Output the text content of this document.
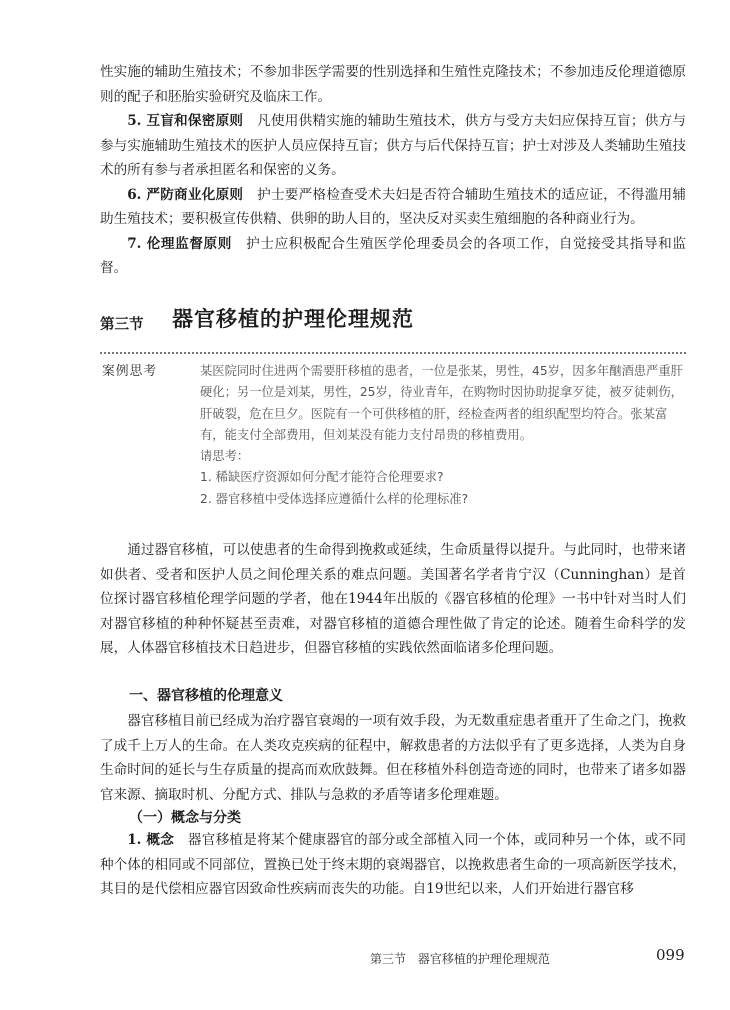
性实施的辅助生殖技术；不参加非医学需要的性别选择和生殖性克隆技术；不参加违反伦理道德原则的配子和胚胎实验研究及临床工作。

5. 互盲和保密原则  凡使用供精实施的辅助生殖技术，供方与受方夫妇应保持互盲；供方与参与实施辅助生殖技术的医护人员应保持互盲；供方与后代保持互盲；护士对涉及人类辅助生殖技术的所有参与者承担匿名和保密的义务。

6. 严防商业化原则  护士要严格检查受术夫妇是否符合辅助生殖技术的适应证，不得滥用辅助生殖技术；要积极宣传供精、供卵的助人目的，坚决反对买卖生殖细胞的各种商业行为。

7. 伦理监督原则  护士应积极配合生殖医学伦理委员会的各项工作，自觉接受其指导和监督。

第三节 器官移植的护理伦理规范
案例思考	某医院同时住进两个需要肝移植的患者，一位是张某，男性，45岁，因多年酗酒患严重肝硬化；另一位是刘某，男性，25岁，待业青年，在购物时因协助捉拿歹徒，被歹徒刺伤，肝破裂，危在旦夕。医院有一个可供移植的肝，经检查两者的组织配型均符合。张某富有，能支付全部费用，但刘某没有能力支付昂贵的移植费用。

请思考：

1. 稀缺医疗资源如何分配才能符合伦理要求?

2. 器官移植中受体选择应遵循什么样的伦理标准?

通过器官移植，可以使患者的生命得到挽救或延续，生命质量得以提升。与此同时，也带来诸如供者、受者和医护人员之间伦理关系的难点问题。美国著名学者肯宁汉（Cunninghan）是首位探讨器官移植伦理学问题的学者，他在1944年出版的《器官移植的伦理》一书中针对当时人们对器官移植的种种怀疑甚至责难，对器官移植的道德合理性做了肯定的论述。随着生命科学的发展，人体器官移植技术日趋进步，但器官移植的实践依然面临诸多伦理问题。

一、器官移植的伦理意义

器官移植目前已经成为治疗器官衰竭的一项有效手段，为无数重症患者重开了生命之门，挽救了成千上万人的生命。在人类攻克疾病的征程中，解救患者的方法似乎有了更多选择，人类为自身生命时间的延长与生存质量的提高而欢欣鼓舞。但在移植外科创造奇迹的同时，也带来了诸多如器官来源、摘取时机、分配方式、排队与急救的矛盾等诸多伦理难题。

（一）概念与分类

1. 概念  器官移植是将某个健康器官的部分或全部植入同一个体，或同种另一个体，或不同种个体的相同或不同部位，置换已处于终末期的衰竭器官，以挽救患者生命的一项高新医学技术，其目的是代偿相应器官因致命性疾病而丧失的功能。自19世纪以来，人们开始进行器官移

第三节 器官移植的护理伦理规范	099
